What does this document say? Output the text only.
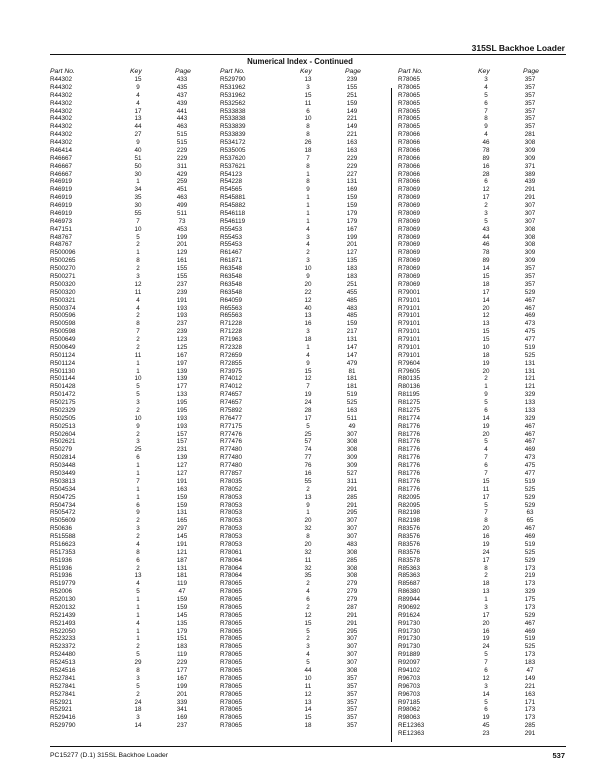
315SL Backhoe Loader
Numerical Index - Continued
Part No.	Key	Page
R44302	15	433
R44302	9	435
R44302	4	437
R44302	4	439
R44302	17	441
R44302	13	443
R44302	44	463
R44302	27	515
R44302	9	515
R46414	40	229
R46667	51	229
R46667	50	311
R46667	30	429
R46919	1	259
R46919	34	451
R46919	35	463
R46919	30	499
R46919	55	511
R46973	7	73
R47151	10	453
R48767	5	199
R48767	2	201
R500096	1	129
R500265	8	161
R500270	2	155
R500271	3	155
R500320	12	237
R500320	11	239
R500321	4	191
R500374	4	193
R500596	2	193
R500598	8	237
R500598	7	239
R500649	2	123
R500649	2	125
R501124	11	167
R501124	1	197
R501130	1	139
R501144	10	139
R501428	5	177
R501472	5	133
R502175	3	195
R502329	2	195
R502505	10	193
R502513	9	193
R502604	2	157
R502621	3	157
R50279	25	231
R502814	6	139
R503448	1	127
R503449	1	127
R503813	7	191
R504534	1	163
R504725	1	159
R504734	6	159
R505472	9	131
R505609	2	165
R50636	3	297
R515588	2	145
R516623	4	191
R517353	8	121
R51936	6	187
R51936	2	131
R51936	13	181
R519779	4	119
R52006	5	47
R520130	1	159
R520132	1	159
R521439	1	145
R521493	4	135
R522050	1	179
R523233	1	151
R523372	2	183
R524480	5	119
R524513	29	229
R524516	8	177
R527841	3	167
R527841	5	199
R527841	2	201
R52921	24	339
R52921	18	341
R529416	3	169
R529790	14	237
Part No.	Key	Page
R529790	13	239
R531962	3	155
R531962	15	251
R532562	11	159
R533838	6	149
R533838	10	221
R533839	8	149
R533839	8	221
R534172	26	163
R535005	18	163
R537620	7	229
R537621	8	229
R54123	1	227
R54228	8	131
R54565	9	169
R545881	1	159
R545882	1	159
R546118	1	179
R546119	1	179
R55453	4	167
R55453	3	199
R55453	4	201
R61467	2	127
R61871	3	135
R63548	10	183
R63548	9	183
R63548	20	251
R63548	22	455
R64059	12	485
R65563	40	483
R65563	13	485
R71228	16	159
R71228	3	217
R71963	18	131
R72328	1	147
R72659	4	147
R72855	9	479
R73975	15	81
R74012	12	181
R74012	7	181
R74657	19	519
R74657	24	525
R75892	28	163
R76477	17	511
R77175	5	49
R77476	25	307
R77476	57	308
R77480	74	308
R77480	77	309
R77480	76	309
R77857	16	527
R78035	55	311
R78052	2	291
R78053	13	285
R78053	9	291
R78053	1	295
R78053	20	307
R78053	32	307
R78053	8	307
R78053	20	483
R78061	32	308
R78064	11	285
R78064	32	308
R78064	35	308
R78065	2	279
R78065	4	279
R78065	6	279
R78065	2	287
R78065	12	291
R78065	15	291
R78065	5	295
R78065	2	307
R78065	3	307
R78065	4	307
R78065	5	307
R78065	44	308
R78065	10	357
R78065	11	357
R78065	12	357
R78065	13	357
R78065	14	357
R78065	15	357
R78065	18	357
Part No.	Key	Page
R78065	3	357
R78065	4	357
R78065	5	357
R78065	6	357
R78065	7	357
R78065	8	357
R78065	9	357
R78066	4	281
R78066	46	308
R78066	78	309
R78066	89	309
R78066	16	371
R78066	28	389
R78066	6	439
R78069	12	291
R78069	17	291
R78069	2	307
R78069	3	307
R78069	5	307
R78069	43	308
R78069	44	308
R78069	46	308
R78069	78	309
R78069	89	309
R78069	14	357
R78069	15	357
R78069	18	357
R79001	17	529
R79101	14	467
R79101	20	467
R79101	12	469
R79101	13	473
R79101	15	475
R79101	15	477
R79101	10	519
R79101	18	525
R79604	19	131
R79605	20	131
R80135	2	121
R80136	1	121
R81195	9	329
R81275	5	133
R81275	6	133
R81774	14	329
R81776	19	467
R81776	20	467
R81776	5	467
R81776	4	469
R81776	7	473
R81776	6	475
R81776	7	477
R81776	15	519
R81776	11	525
R82095	17	529
R82095	5	529
R82198	7	63
R82198	8	65
R83576	20	467
R83576	16	469
R83576	19	519
R83576	24	525
R83578	17	529
R85363	8	173
R85363	2	219
R85687	18	173
R86380	13	329
R89944	1	175
R90692	3	173
R91624	17	529
R91730	20	467
R91730	16	469
R91730	19	519
R91730	24	525
R91889	5	173
R92097	7	183
R94102	6	47
R96703	12	149
R96703	3	221
R96703	14	163
R97185	5	171
R98062	6	173
R98063	19	173
RE12363	45	285
RE12363	23	291
PC15277 (D.1) 315SL Backhoe Loader	537
